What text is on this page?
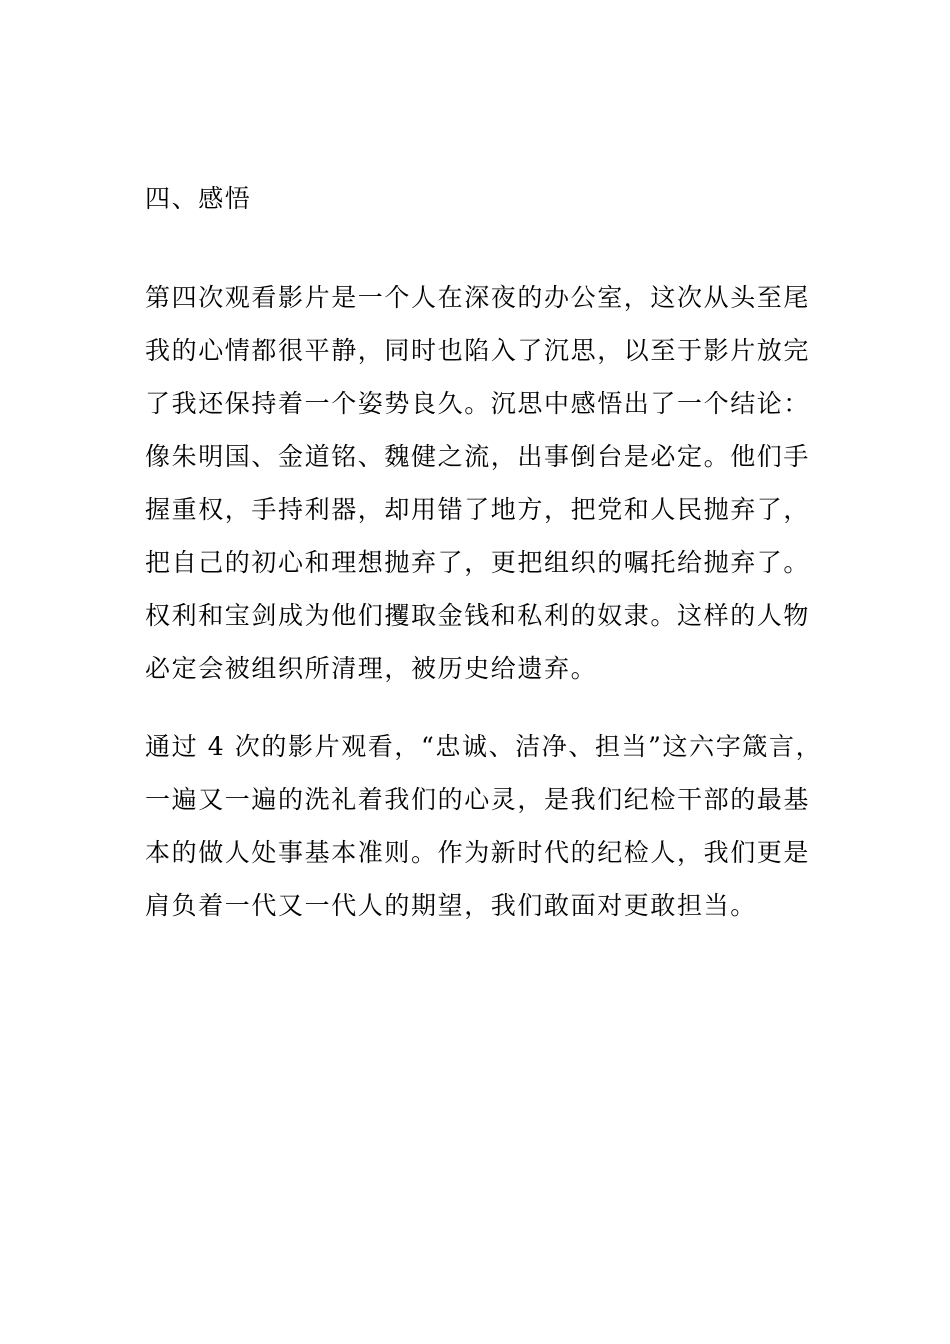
四、感悟
第四次观看影片是一个人在深夜的办公室，这次从头至尾
我的心情都很平静，同时也陷入了沉思，以至于影片放完
了我还保持着一个姿势良久。沉思中感悟出了一个结论：
像朱明国、金道铭、魏健之流，出事倒台是必定。他们手
握重权，手持利器，却用错了地方，把党和人民抛弃了，
把自己的初心和理想抛弃了，更把组织的嘱托给抛弃了。
权利和宝剑成为他们攫取金钱和私利的奴隶。这样的人物
必定会被组织所清理，被历史给遗弃。
通过 4 次的影片观看，“忠诚、洁净、担当”这六字箴言，
一遍又一遍的洗礼着我们的心灵，是我们纪检干部的最基
本的做人处事基本准则。作为新时代的纪检人，我们更是
肩负着一代又一代人的期望，我们敢面对更敢担当。
